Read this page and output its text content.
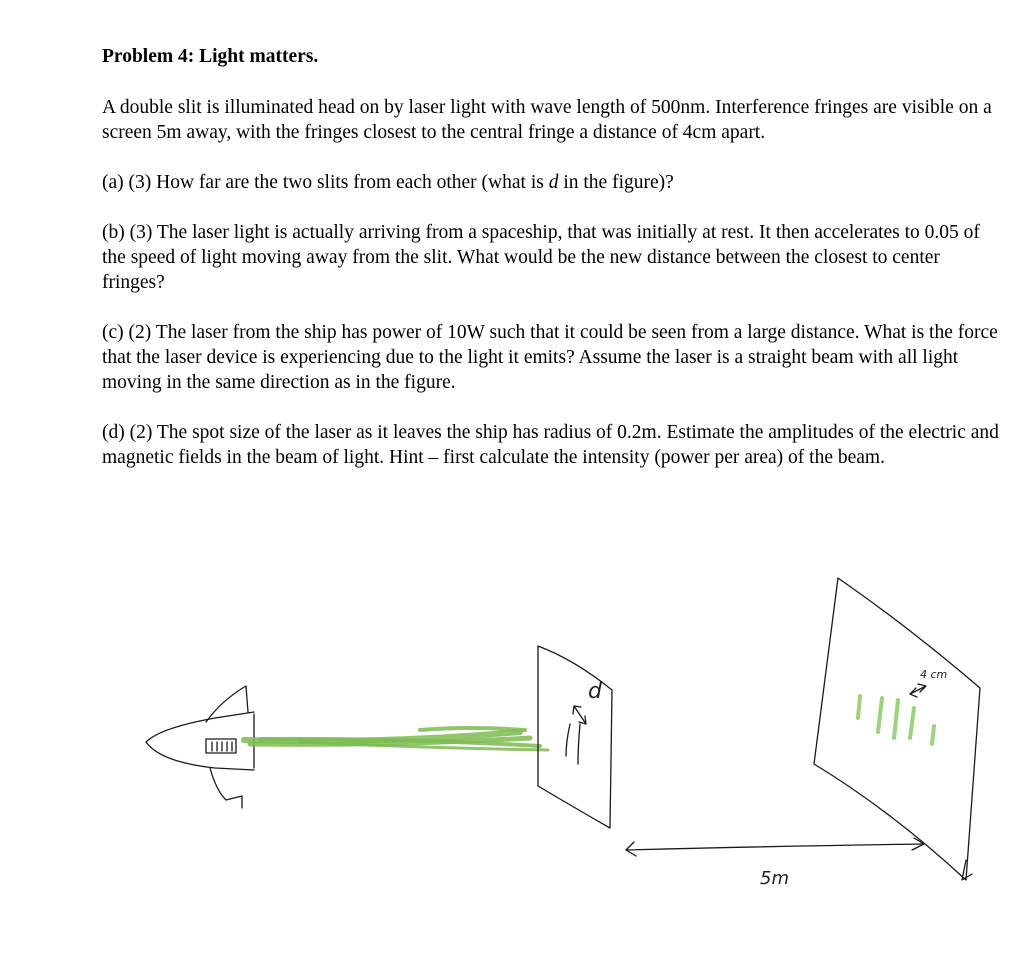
Problem 4: Light matters.

A double slit is illuminated head on by laser light with wave length of 500nm. Interference fringes are visible on a screen 5m away, with the fringes closest to the central fringe a distance of 4cm apart.

(a) (3) How far are the two slits from each other (what is d in the figure)?

(b) (3) The laser light is actually arriving from a spaceship, that was initially at rest. It then accelerates to 0.05 of the speed of light moving away from the slit. What would be the new distance between the closest to center fringes?

(c) (2) The laser from the ship has power of 10W such that it could be seen from a large distance. What is the force that the laser device is experiencing due to the light it emits? Assume the laser is a straight beam with all light moving in the same direction as in the figure.

(d) (2) The spot size of the laser as it leaves the ship has radius of 0.2m. Estimate the amplitudes of the electric and magnetic fields in the beam of light. Hint – first calculate the intensity (power per area) of the beam.

d
4 cm
5m
